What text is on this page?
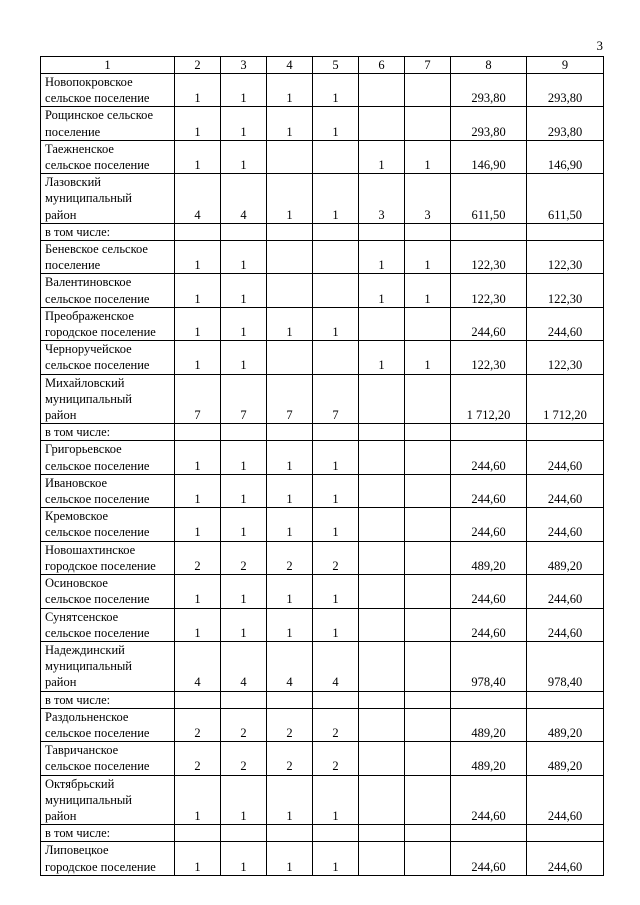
3
1	2	3	4	5	6	7	8	9
Новопокровское
сельское поселение	1	1	1	1			293,80	293,80
Рощинское сельское
поселение	1	1	1	1			293,80	293,80
Таежненское
сельское поселение	1	1			1	1	146,90	146,90
Лазовский
муниципальный
район	4	4	1	1	3	3	611,50	611,50
в том числе:								
Беневское сельское
поселение	1	1			1	1	122,30	122,30
Валентиновское
сельское поселение	1	1			1	1	122,30	122,30
Преображенское
городское поселение	1	1	1	1			244,60	244,60
Черноручейское
сельское поселение	1	1			1	1	122,30	122,30
Михайловский
муниципальный
район	7	7	7	7			1 712,20	1 712,20
в том числе:								
Григорьевское
сельское поселение	1	1	1	1			244,60	244,60
Ивановское
сельское поселение	1	1	1	1			244,60	244,60
Кремовское
сельское поселение	1	1	1	1			244,60	244,60
Новошахтинское
городское поселение	2	2	2	2			489,20	489,20
Осиновское
сельское поселение	1	1	1	1			244,60	244,60
Сунятсенское
сельское поселение	1	1	1	1			244,60	244,60
Надеждинский
муниципальный
район	4	4	4	4			978,40	978,40
в том числе:								
Раздольненское
сельское поселение	2	2	2	2			489,20	489,20
Тавричанское
сельское поселение	2	2	2	2			489,20	489,20
Октябрьский
муниципальный
район	1	1	1	1			244,60	244,60
в том числе:								
Липовецкое
городское поселение	1	1	1	1			244,60	244,60
